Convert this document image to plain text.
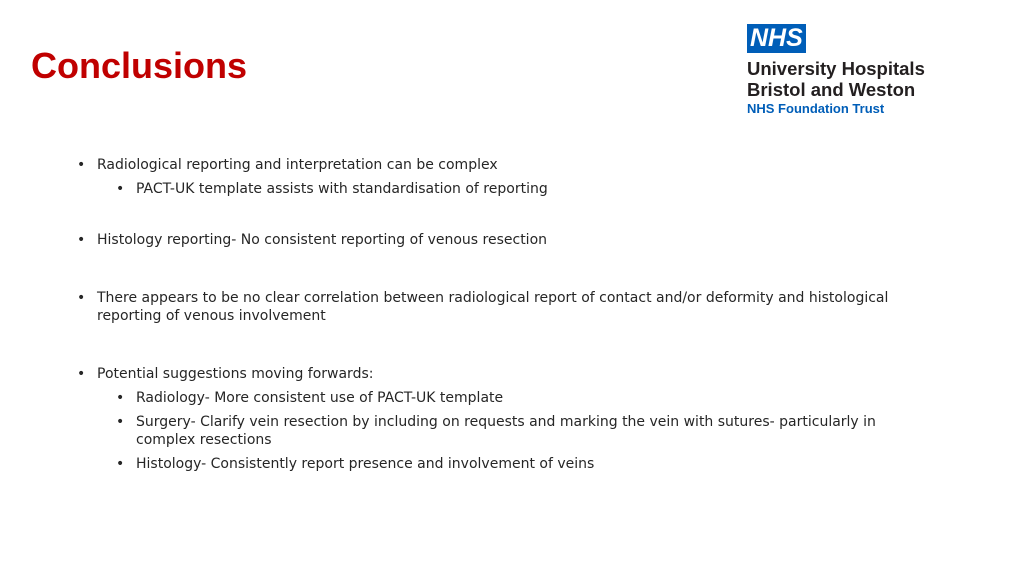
Conclusions
NHS
University Hospitals
Bristol and Weston
NHS Foundation Trust
• Radiological reporting and interpretation can be complex
• PACT-UK template assists with standardisation of reporting
• Histology reporting- No consistent reporting of venous resection
• There appears to be no clear correlation between radiological report of contact and/or deformity and histological reporting of venous involvement
• Potential suggestions moving forwards:
• Radiology- More consistent use of PACT-UK template
• Surgery- Clarify vein resection by including on requests and marking the vein with sutures- particularly in complex resections
• Histology- Consistently report presence and involvement of veins
